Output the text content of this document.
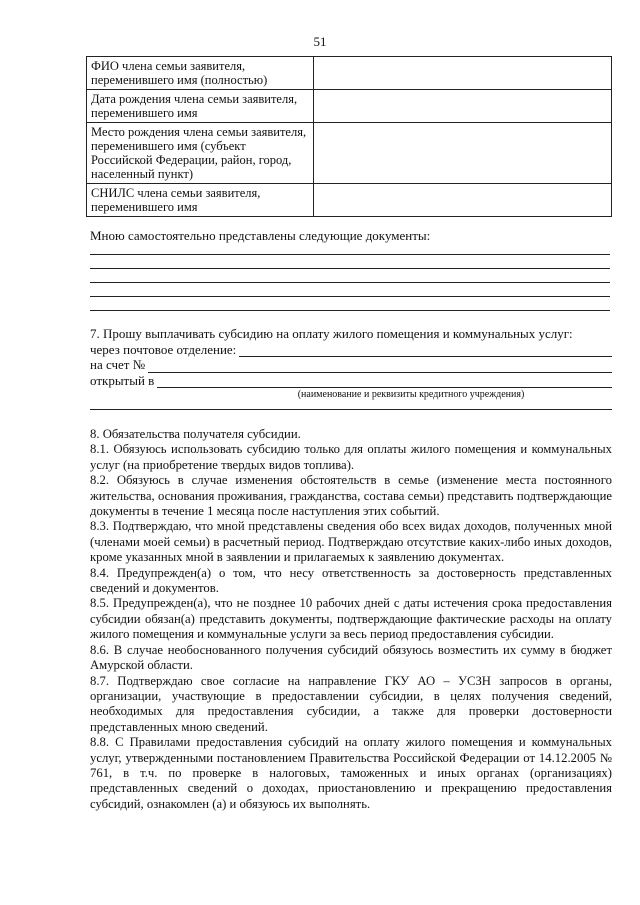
51
ФИО члена семьи заявителя, переменившего имя (полностью)	
Дата рождения члена семьи заявителя, переменившего имя	
Место рождения члена семьи заявителя, переменившего имя (субъект Российской Федерации, район, город, населенный пункт)	
СНИЛС члена семьи заявителя, переменившего имя	
Мною самостоятельно представлены следующие документы:
7. Прошу выплачивать субсидию на оплату жилого помещения и коммунальных услуг:
через почтовое отделение:
на счет №
открытый в
(наименование и реквизиты кредитного учреждения)

8. Обязательства получателя субсидии.

8.1. Обязуюсь использовать субсидию только для оплаты жилого помещения и коммунальных услуг (на приобретение твердых видов топлива).

8.2. Обязуюсь в случае изменения обстоятельств в семье (изменение места постоянного жительства, основания проживания, гражданства, состава семьи) представить подтверждающие документы в течение 1 месяца после наступления этих событий.

8.3. Подтверждаю, что мной представлены сведения обо всех видах доходов, полученных мной (членами моей семьи) в расчетный период. Подтверждаю отсутствие каких-либо иных доходов, кроме указанных мной в заявлении и прилагаемых к заявлению документах.

8.4. Предупрежден(а) о том, что несу ответственность за достоверность представленных сведений и документов.

8.5. Предупрежден(а), что не позднее 10 рабочих дней с даты истечения срока предоставления субсидии обязан(а) представить документы, подтверждающие фактические расходы на оплату жилого помещения и коммунальные услуги за весь период предоставления субсидии.

8.6. В случае необоснованного получения субсидий обязуюсь возместить их сумму в бюджет Амурской области.

8.7. Подтверждаю свое согласие на направление ГКУ АО – УСЗН запросов в органы, организации, участвующие в предоставлении субсидии, в целях получения сведений, необходимых для предоставления субсидии, а также для проверки достоверности представленных мною сведений.

8.8. С Правилами предоставления субсидий на оплату жилого помещения и коммунальных услуг, утвержденными постановлением Правительства Российской Федерации от 14.12.2005 № 761, в т.ч. по проверке в налоговых, таможенных и иных органах (организациях) представленных сведений о доходах, приостановлению и прекращению предоставления субсидий, ознакомлен (а) и обязуюсь их выполнять.
